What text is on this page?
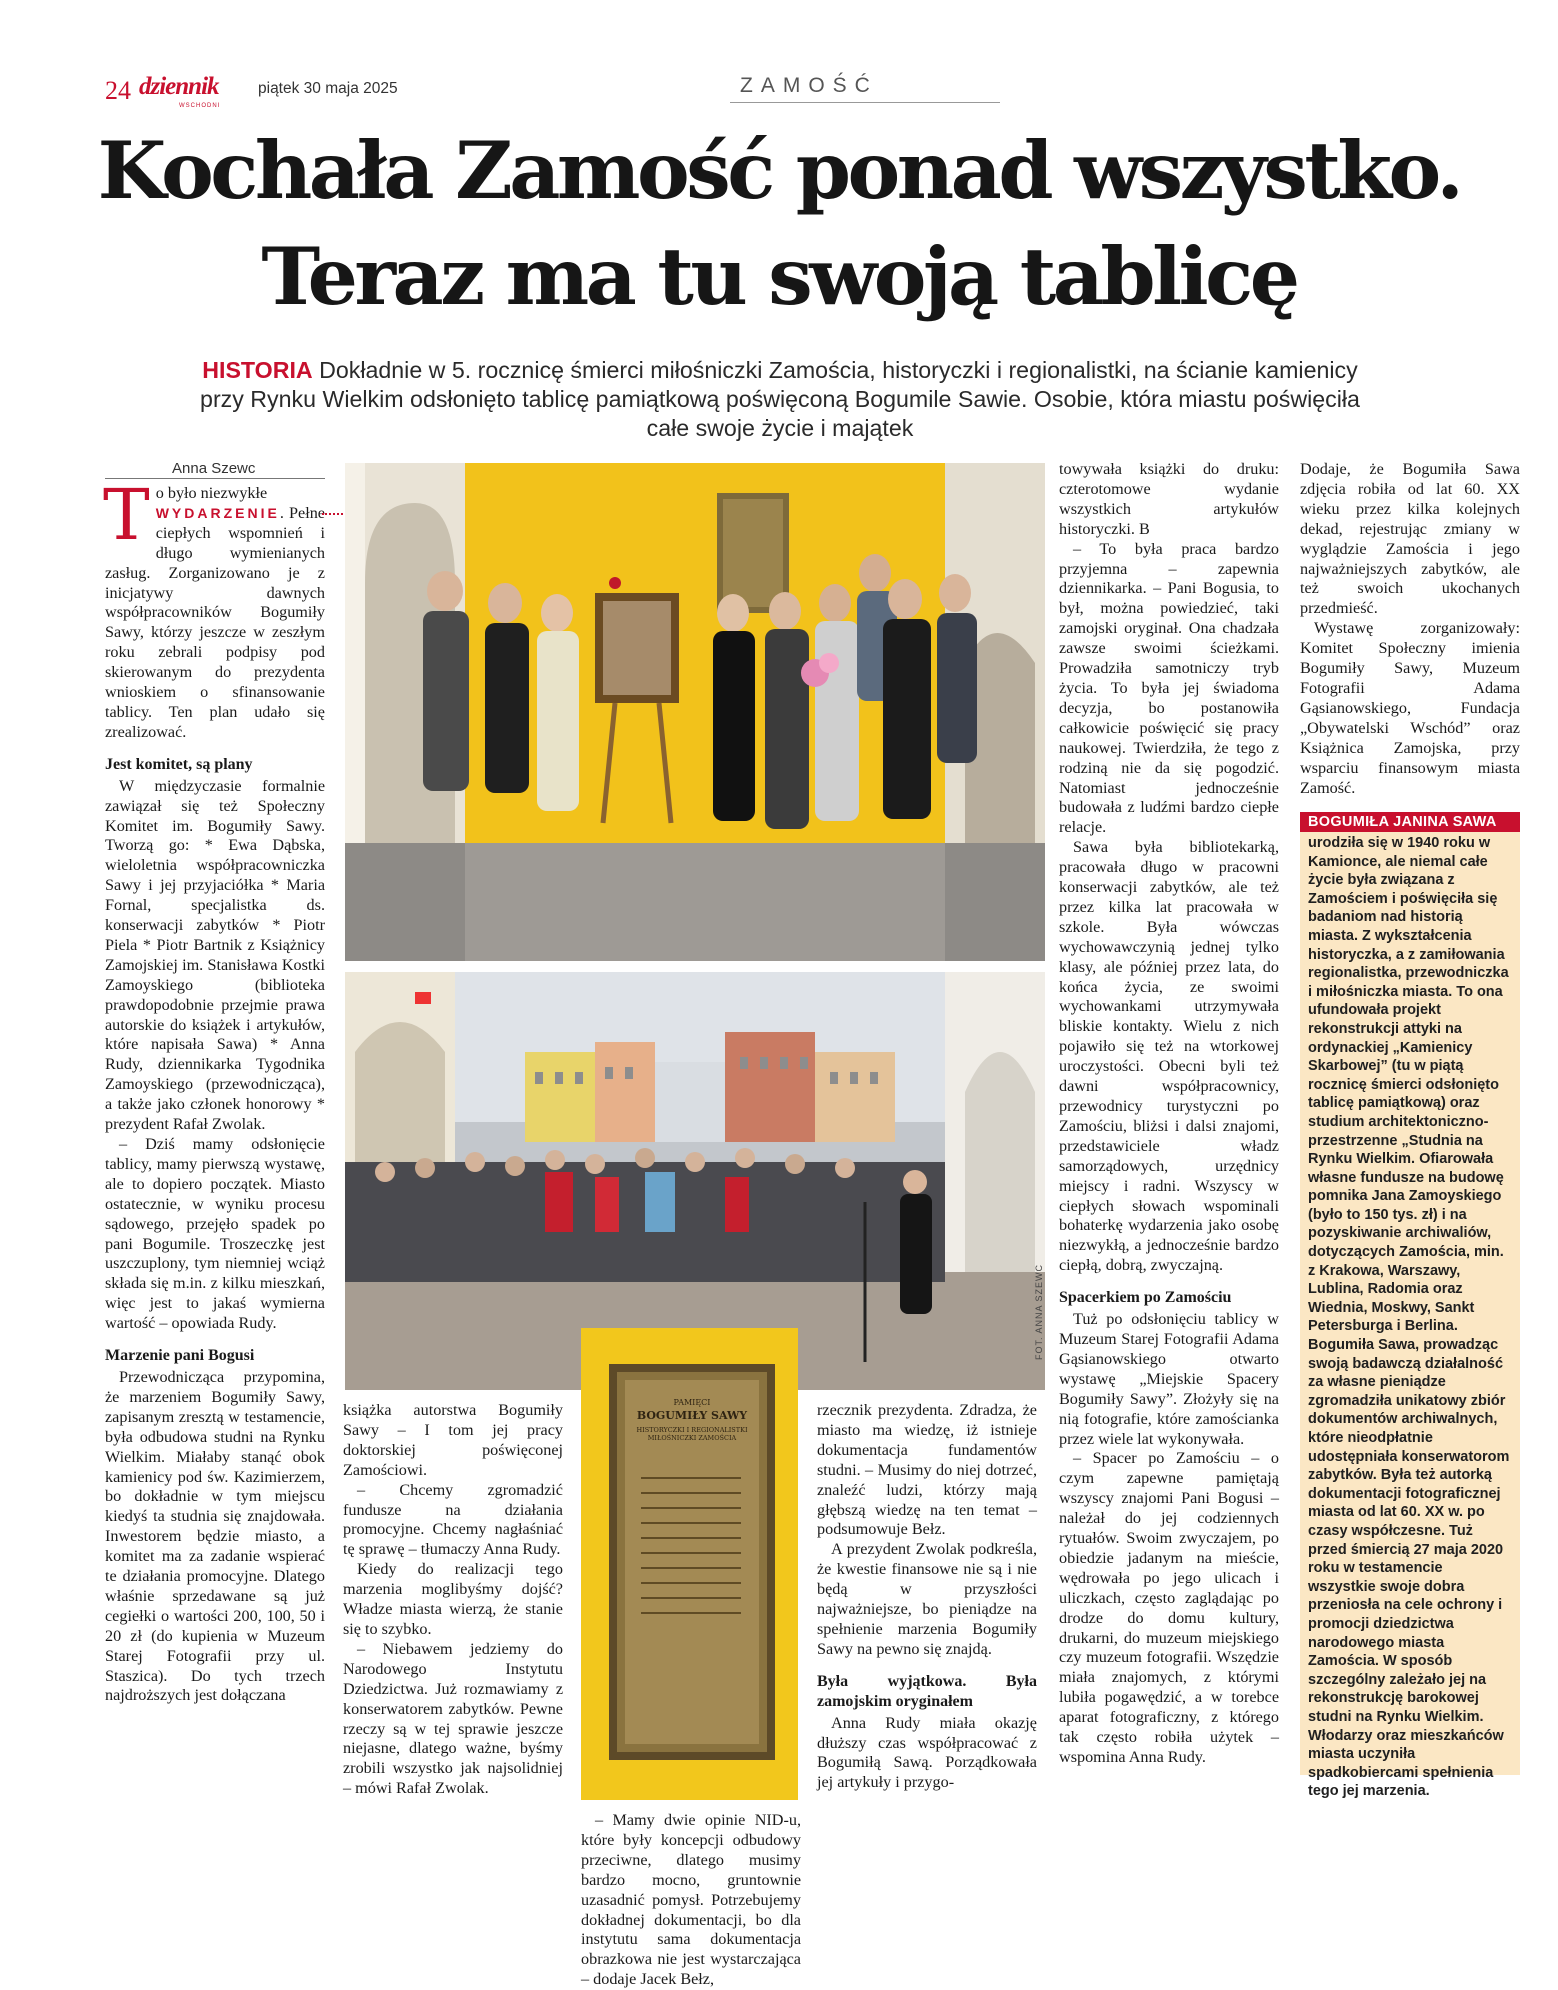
24 dziennik
WSCHODNI
piątek 30 maja 2025	ZAMOŚĆ
Kochała Zamość ponad wszystko.
Teraz ma tu swoją tablicę
HISTORIA Dokładnie w 5. rocznicę śmierci miłośniczki Zamościa, historyczki i regionalistki, na ścianie kamienicy przy Rynku Wielkim odsłonięto tablicę pamiątkową poświęconą Bogumile Sawie. Osobie, która miastu poświęciła całe swoje życie i majątek
Anna Szewc

To było niezwykłe
WYDARZENIE. Pełne ciepłych wspomnień i długo wymienianych zasług. Zorganizowano je z inicjatywy dawnych współpracowników Bogumiły Sawy, którzy jeszcze w zeszłym roku zebrali podpisy pod skierowanym do prezydenta wnioskiem o sfinansowanie tablicy. Ten plan udało się zrealizować.

Jest komitet, są plany

W międzyczasie formalnie zawiązał się też Społeczny Komitet im. Bogumiły Sawy. Tworzą go: * Ewa Dąbska, wieloletnia współpracowniczka Sawy i jej przyjaciółka * Maria Fornal, specjalistka ds. konserwacji zabytków * Piotr Piela * Piotr Bartnik z Książnicy Zamojskiej im. Stanisława Kostki Zamoyskiego (biblioteka prawdopodobnie przejmie prawa autorskie do książek i artykułów, które napisała Sawa) * Anna Rudy, dziennikarka Tygodnika Zamoyskiego (przewodnicząca), a także jako członek honorowy * prezydent Rafał Zwolak.

– Dziś mamy odsłonięcie tablicy, mamy pierwszą wystawę, ale to dopiero początek. Miasto ostatecznie, w wyniku procesu sądowego, przejęło spadek po pani Bogumile. Troszeczkę jest uszczuplony, tym niemniej wciąż składa się m.in. z kilku mieszkań, więc jest to jakaś wymierna wartość – opowiada Rudy.

Marzenie pani Bogusi

Przewodnicząca przypomina, że marzeniem Bogumiły Sawy, zapisanym zresztą w testamencie, była odbudowa studni na Rynku Wielkim. Miałaby stanąć obok kamienicy pod św. Kazimierzem, bo dokładnie w tym miejscu kiedyś ta studnia się znajdowała. Inwestorem będzie miasto, a komitet ma za zadanie wspierać te działania promocyjne. Dlatego właśnie sprzedawane są już cegiełki o wartości 200, 100, 50 i 20 zł (do kupienia w Muzeum Starej Fotografii przy ul. Staszica). Do tych trzech najdroższych jest dołączana

FOT. ANNA SZEWC
PAMIĘCI
BOGUMIŁY SAWY
HISTORYCZKI I REGIONALISTKI
MIŁOŚNICZKI ZAMOŚCIA

książka autorstwa Bogumiły Sawy – I tom jej pracy doktorskiej poświęconej Zamościowi.

– Chcemy zgromadzić fundusze na działania promocyjne. Chcemy nagłaśniać tę sprawę – tłumaczy Anna Rudy.

Kiedy do realizacji tego marzenia moglibyśmy dojść? Władze miasta wierzą, że stanie się to szybko.

– Niebawem jedziemy do Narodowego Instytutu Dziedzictwa. Już rozmawiamy z konserwatorem zabytków. Pewne rzeczy są w tej sprawie jeszcze niejasne, dlatego ważne, byśmy zrobili wszystko jak najsolidniej – mówi Rafał Zwolak.

– Mamy dwie opinie NID-u, które były koncepcji odbudowy przeciwne, dlatego musimy bardzo mocno, gruntownie uzasadnić pomysł. Potrzebujemy dokładnej dokumentacji, bo dla instytutu sama dokumentacja obrazkowa nie jest wystarczająca – dodaje Jacek Bełz,

rzecznik prezydenta. Zdradza, że miasto ma wiedzę, iż istnieje dokumentacja fundamentów studni. – Musimy do niej dotrzeć, znaleźć ludzi, którzy mają głębszą wiedzę na ten temat – podsumowuje Bełz.

A prezydent Zwolak podkreśla, że kwestie finansowe nie są i nie będą w przyszłości najważniejsze, bo pieniądze na spełnienie marzenia Bogumiły Sawy na pewno się znajdą.

Była wyjątkowa. Była zamojskim oryginałem

Anna Rudy miała okazję dłuższy czas współpracować z Bogumiłą Sawą. Porządkowała jej artykuły i przygo-

towywała książki do druku: czterotomowe wydanie wszystkich artykułów historyczki. B

– To była praca bardzo przyjemna – zapewnia dziennikarka. – Pani Bogusia, to był, można powiedzieć, taki zamojski oryginał. Ona chadzała zawsze swoimi ścieżkami. Prowadziła samotniczy tryb życia. To była jej świadoma decyzja, bo postanowiła całkowicie poświęcić się pracy naukowej. Twierdziła, że tego z rodziną nie da się pogodzić. Natomiast jednocześnie budowała z ludźmi bardzo ciepłe relacje.

Sawa była bibliotekarką, pracowała długo w pracowni konserwacji zabytków, ale też przez kilka lat pracowała w szkole. Była wówczas wychowawczynią jednej tylko klasy, ale później przez lata, do końca życia, ze swoimi wychowankami utrzymywała bliskie kontakty. Wielu z nich pojawiło się też na wtorkowej uroczystości. Obecni byli też dawni współpracownicy, przewodnicy turystyczni po Zamościu, bliżsi i dalsi znajomi, przedstawiciele władz samorządowych, urzędnicy miejscy i radni. Wszyscy w ciepłych słowach wspominali bohaterkę wydarzenia jako osobę niezwykłą, a jednocześnie bardzo ciepłą, dobrą, zwyczajną.

Spacerkiem po Zamościu

Tuż po odsłonięciu tablicy w Muzeum Starej Fotografii Adama Gąsianowskiego otwarto wystawę „Miejskie Spacery Bogumiły Sawy”. Złożyły się na nią fotografie, które zamościanka przez wiele lat wykonywała.

– Spacer po Zamościu – o czym zapewne pamiętają wszyscy znajomi Pani Bogusi – należał do jej codziennych rytuałów. Swoim zwyczajem, po obiedzie jadanym na mieście, wędrowała po jego ulicach i uliczkach, często zaglądając po drodze do domu kultury, drukarni, do muzeum miejskiego czy muzeum fotografii. Wszędzie miała znajomych, z którymi lubiła pogawędzić, a w torebce aparat fotograficzny, z którego tak często robiła użytek – wspomina Anna Rudy.

Dodaje, że Bogumiła Sawa zdjęcia robiła od lat 60. XX wieku przez kilka kolejnych dekad, rejestrując zmiany w wyglądzie Zamościa i jego najważniejszych zabytków, ale też swoich ukochanych przedmieść.

Wystawę zorganizowały: Komitet Społeczny imienia Bogumiły Sawy, Muzeum Fotografii Adama Gąsianowskiego, Fundacja „Obywatelski Wschód” oraz Książnica Zamojska, przy wsparciu finansowym miasta Zamość.

BOGUMIŁA JANINA SAWA
urodziła się w 1940 roku w Kamionce, ale niemal całe życie była związana z Zamościem i poświęciła się badaniom nad historią miasta. Z wykształcenia historyczka, a z zamiłowania regionalistka, przewodniczka i miłośniczka miasta. To ona ufundowała projekt rekonstrukcji attyki na ordynackiej „Kamienicy Skarbowej” (tu w piątą rocznicę śmierci odsłonięto tablicę pamiątkową) oraz studium architektoniczno-przestrzenne „Studnia na Rynku Wielkim. Ofiarowała własne fundusze na budowę pomnika Jana Zamoyskiego (było to 150 tys. zł) i na pozyskiwanie archiwaliów, dotyczących Zamościa, min. z Krakowa, Warszawy, Lublina, Radomia oraz Wiednia, Moskwy, Sankt Petersburga i Berlina. Bogumiła Sawa, prowadząc swoją badawczą działalność za własne pieniądze zgromadziła unikatowy zbiór dokumentów archiwalnych, które nieodpłatnie udostępniała konserwatorom zabytków. Była też autorką dokumentacji fotograficznej miasta od lat 60. XX w. po czasy współczesne. Tuż przed śmiercią 27 maja 2020 roku w testamencie wszystkie swoje dobra przeniosła na cele ochrony i promocji dziedzictwa narodowego miasta Zamościa. W sposób szczególny zależało jej na rekonstrukcję barokowej studni na Rynku Wielkim. Włodarzy oraz mieszkańców miasta uczyniła spadkobiercami spełnienia tego jej marzenia.
